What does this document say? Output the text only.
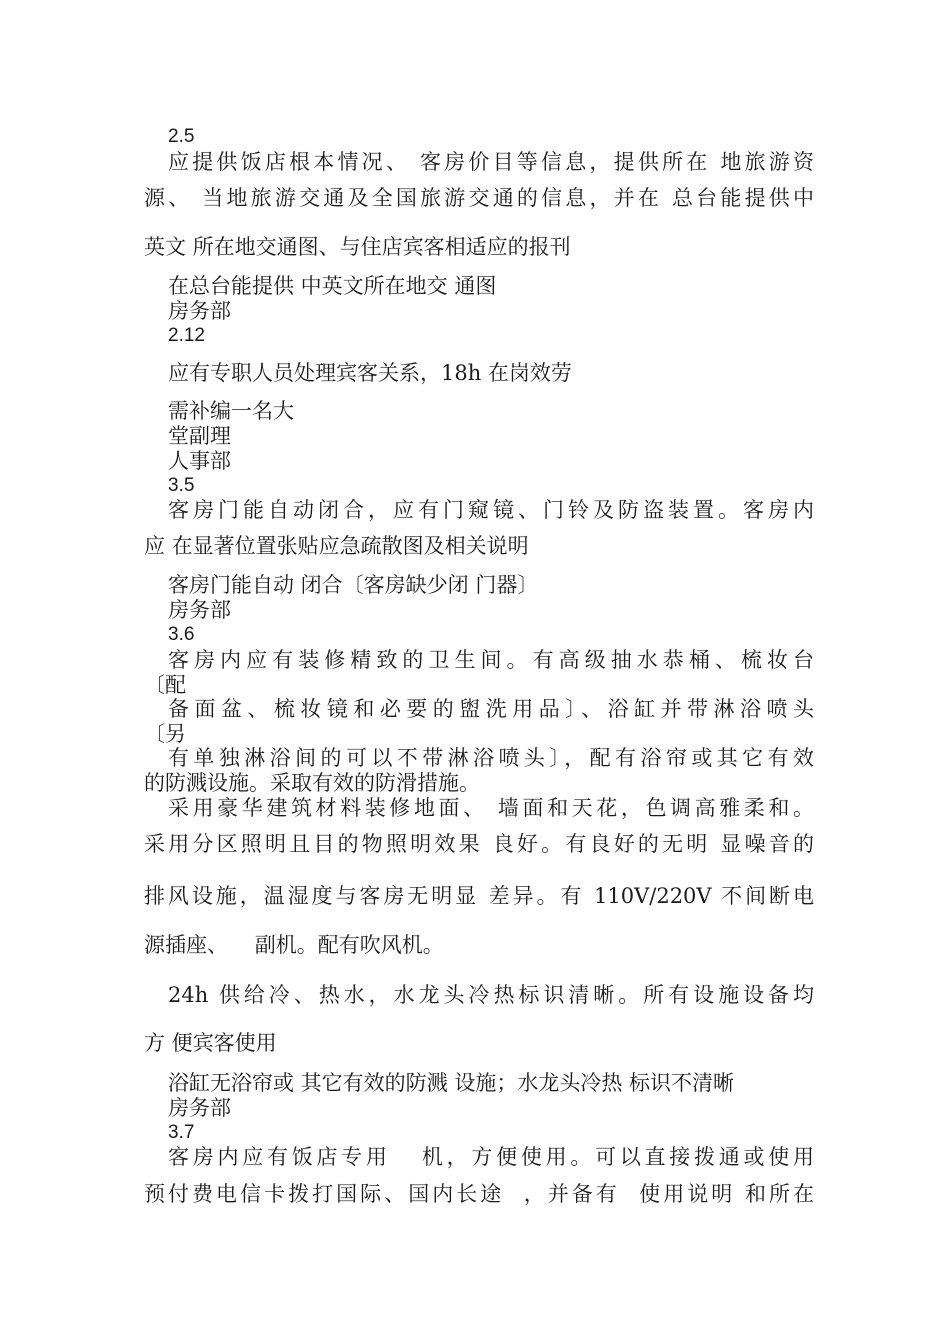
2.5
应提供饭店根本情况、 客房价目等信息，提供所在 地旅游资
源、 当地旅游交通及全国旅游交通的信息，并在 总台能提供中
英文 所在地交通图、与住店宾客相适应的报刊
在总台能提供 中英文所在地交 通图
房务部
2.12
应有专职人员处理宾客关系，18h 在岗效劳
需补编一名大
堂副理
人事部
3.5
客房门能自动闭合，应有门窥镜、门铃及防盗装置。客房内
应 在显著位置张贴应急疏散图及相关说明
客房门能自动 闭合〔客房缺少闭 门器〕
房务部
3.6
客房内应有装修精致的卫生间。有高级抽水恭桶、梳妆台
〔配
备面盆、梳妆镜和必要的盥洗用品〕、浴缸并带淋浴喷头
〔另
有单独淋浴间的可以不带淋浴喷头〕，配有浴帘或其它有效
的防溅设施。采取有效的防滑措施。
采用豪华建筑材料装修地面、 墙面和天花，色调高雅柔和。
采用分区照明且目的物照明效果 良好。有良好的无明 显噪音的
排风设施，温湿度与客房无明显 差异。有 110V/220V 不间断电
源插座、    副机。配有吹风机。
24h 供给冷、热水，水龙头冷热标识清晰。所有设施设备均
方 便宾客使用
浴缸无浴帘或 其它有效的防溅 设施；水龙头冷热 标识不清晰
房务部
3.7
客房内应有饭店专用   机，方便使用。可以直接拨通或使用
预付费电信卡拨打国际、国内长途  ，并备有  使用说明 和所在
